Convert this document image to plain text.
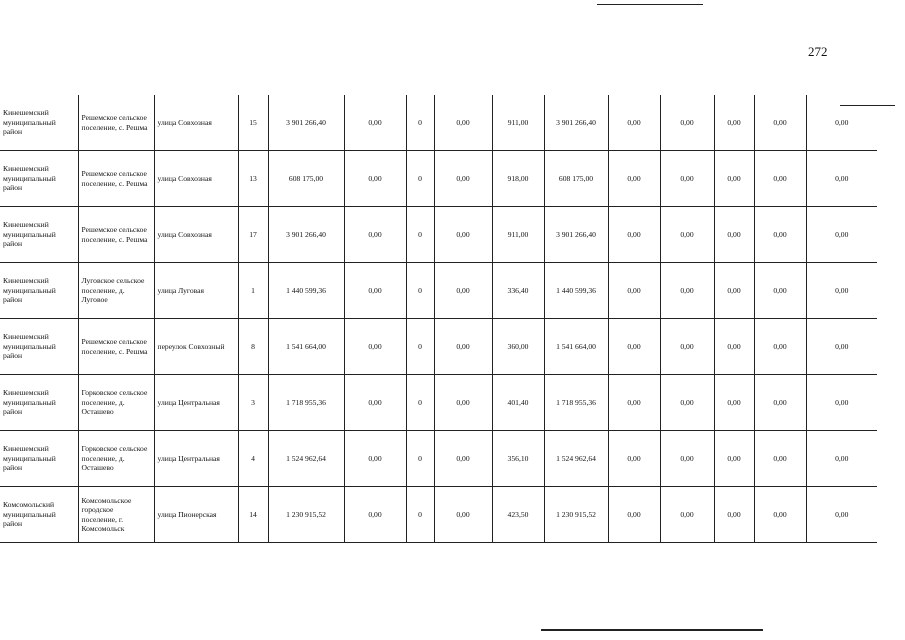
272
Кинешемский муниципальный район	Решемское сельское поселение, с. Решма	улица Совхозная	15	3 901 266,40	0,00	0	0,00	911,00	3 901 266,40	0,00	0,00	0,00	0,00	0,00
Кинешемский муниципальный район	Решемское сельское поселение, с. Решма	улица Совхозная	13	608 175,00	0,00	0	0,00	918,00	608 175,00	0,00	0,00	0,00	0,00	0,00
Кинешемский муниципальный район	Решемское сельское поселение, с. Решма	улица Совхозная	17	3 901 266,40	0,00	0	0,00	911,00	3 901 266,40	0,00	0,00	0,00	0,00	0,00
Кинешемский муниципальный район	Луговское сельское поселение, д. Луговое	улица Луговая	1	1 440 599,36	0,00	0	0,00	336,40	1 440 599,36	0,00	0,00	0,00	0,00	0,00
Кинешемский муниципальный район	Решемское сельское поселение, с. Решма	переулок Совхозный	8	1 541 664,00	0,00	0	0,00	360,00	1 541 664,00	0,00	0,00	0,00	0,00	0,00
Кинешемский муниципальный район	Горковское сельское поселение, д. Осташево	улица Центральная	3	1 718 955,36	0,00	0	0,00	401,40	1 718 955,36	0,00	0,00	0,00	0,00	0,00
Кинешемский муниципальный район	Горковское сельское поселение, д. Осташево	улица Центральная	4	1 524 962,64	0,00	0	0,00	356,10	1 524 962,64	0,00	0,00	0,00	0,00	0,00
Комсомольский муниципальный район	Комсомольское городское поселение, г. Комсомольск	улица Пионерская	14	1 230 915,52	0,00	0	0,00	423,50	1 230 915,52	0,00	0,00	0,00	0,00	0,00
